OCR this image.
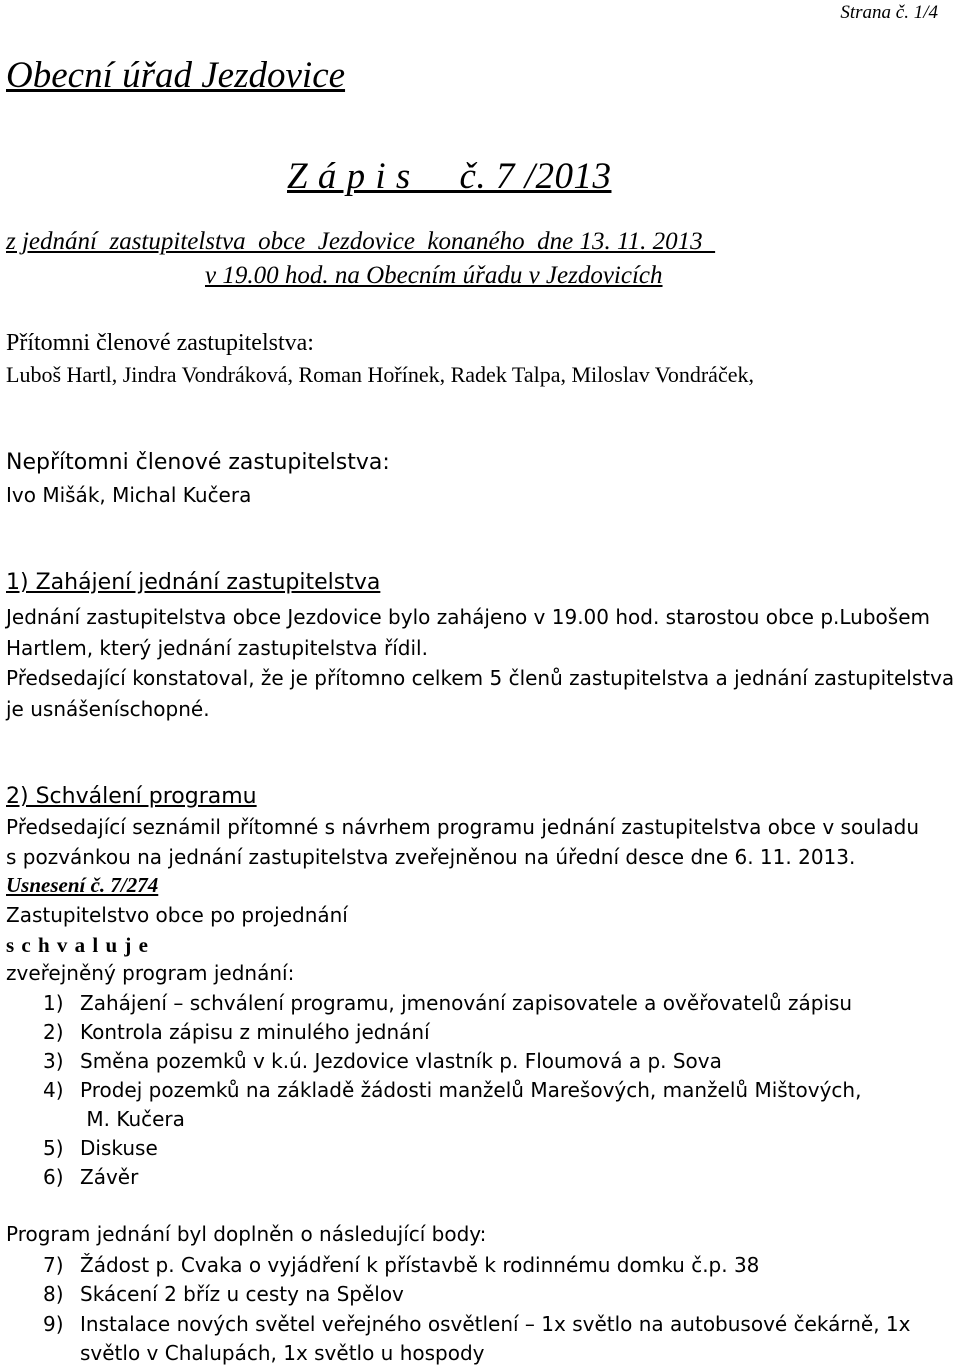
Strana č. 1/4
Obecní úřad Jezdovice
Z á p i s     č. 7 /2013
z jednání  zastupitelstva  obce  Jezdovice  konaného  dne 13. 11. 2013
v 19.00 hod. na Obecním úřadu v Jezdovicích
Přítomni členové zastupitelstva:
Luboš Hartl, Jindra Vondráková, Roman Hořínek, Radek Talpa, Miloslav Vondráček,
Nepřítomni členové zastupitelstva:
Ivo Mišák, Michal Kučera
1) Zahájení jednání zastupitelstva
Jednání zastupitelstva obce Jezdovice bylo zahájeno v 19.00 hod. starostou obce p.Lubošem
Hartlem, který jednání zastupitelstva řídil.
Předsedající konstatoval, že je přítomno celkem 5 členů zastupitelstva a jednání zastupitelstva
je usnášeníschopné.
2) Schválení programu
Předsedající seznámil přítomné s návrhem programu jednání zastupitelstva obce v souladu
s pozvánkou na jednání zastupitelstva zveřejněnou na úřední desce dne 6. 11. 2013.
Usnesení č. 7/274
Zastupitelstvo obce po projednání
s c h v a l u j e
zveřejněný program jednání:
1) Zahájení – schválení programu, jmenování zapisovatele a ověřovatelů zápisu
2) Kontrola zápisu z minulého jednání
3) Směna pozemků v k.ú. Jezdovice vlastník p. Floumová a p. Sova
4) Prodej pozemků na základě žádosti manželů Marešových, manželů Mištových,
M. Kučera
5) Diskuse
6) Závěr
Program jednání byl doplněn o následující body:
7) Žádost p. Cvaka o vyjádření k přístavbě k rodinnému domku č.p. 38
8) Skácení 2 bříz u cesty na Spělov
9) Instalace nových světel veřejného osvětlení – 1x světlo na autobusové čekárně, 1x
světlo v Chalupách, 1x světlo u hospody
